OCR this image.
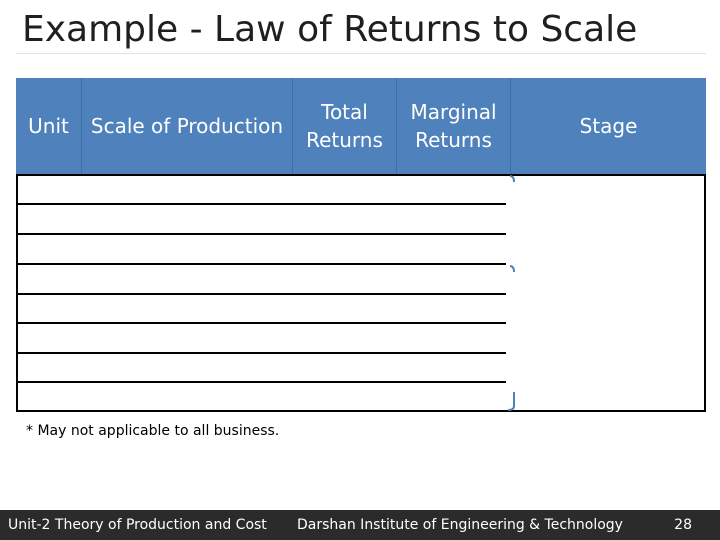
Example - Law of Returns to Scale
Unit Scale of Production
Total
Returns
Marginal
Returns
Stage
* May not applicable to all business.
Unit-2 Theory of Production and Cost Darshan Institute of Engineering & Technology	28
